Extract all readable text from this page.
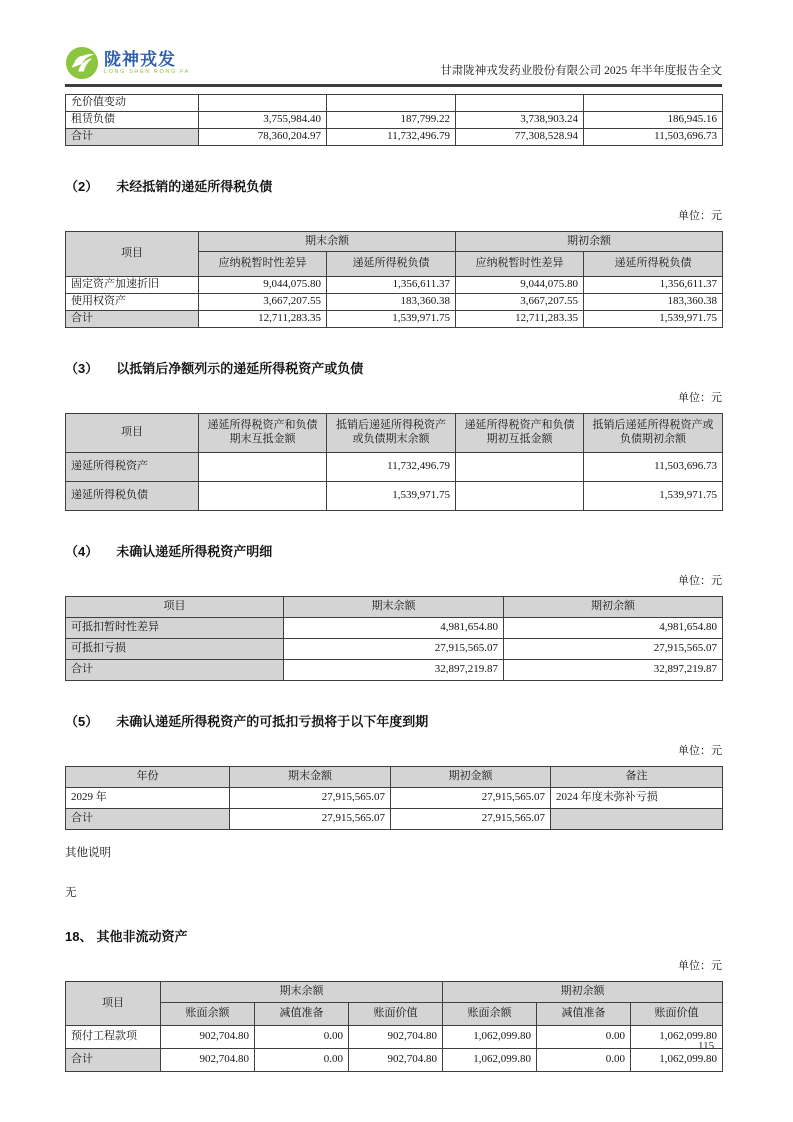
陇神戎发
LONG SHEN RONG FA	甘肃陇神戎发药业股份有限公司 2025 年半年度报告全文
允价值变动				
租赁负债	3,755,984.40	187,799.22	3,738,903.24	186,945.16
合计	78,360,204.97	11,732,496.79	77,308,528.94	11,503,696.73
（2） 未经抵销的递延所得税负债
单位：元
项目	期末余额		期初余额	
	应纳税暂时性差异	递延所得税负债	应纳税暂时性差异	递延所得税负债
固定资产加速折旧	9,044,075.80	1,356,611.37	9,044,075.80	1,356,611.37
使用权资产	3,667,207.55	183,360.38	3,667,207.55	183,360.38
合计	12,711,283.35	1,539,971.75	12,711,283.35	1,539,971.75
（3） 以抵销后净额列示的递延所得税资产或负债
单位：元
项目	递延所得税资产和负债期末互抵金额	抵销后递延所得税资产或负债期末余额	递延所得税资产和负债期初互抵金额	抵销后递延所得税资产或负债期初余额
递延所得税资产		11,732,496.79		11,503,696.73
递延所得税负债		1,539,971.75		1,539,971.75
（4） 未确认递延所得税资产明细
单位：元
项目	期末余额	期初余额
可抵扣暂时性差异	4,981,654.80	4,981,654.80
可抵扣亏损	27,915,565.07	27,915,565.07
合计	32,897,219.87	32,897,219.87
（5） 未确认递延所得税资产的可抵扣亏损将于以下年度到期
单位：元
年份	期末金额	期初金额	备注
2029 年	27,915,565.07	27,915,565.07	2024 年度未弥补亏损
合计	27,915,565.07	27,915,565.07	
其他说明
无
18、 其他非流动资产
单位：元
项目	期末余额			期初余额		
	账面余额	减值准备	账面价值	账面余额	减值准备	账面价值
预付工程款项	902,704.80	0.00	902,704.80	1,062,099.80	0.00	1,062,099.80
合计	902,704.80	0.00	902,704.80	1,062,099.80	0.00	1,062,099.80
115
